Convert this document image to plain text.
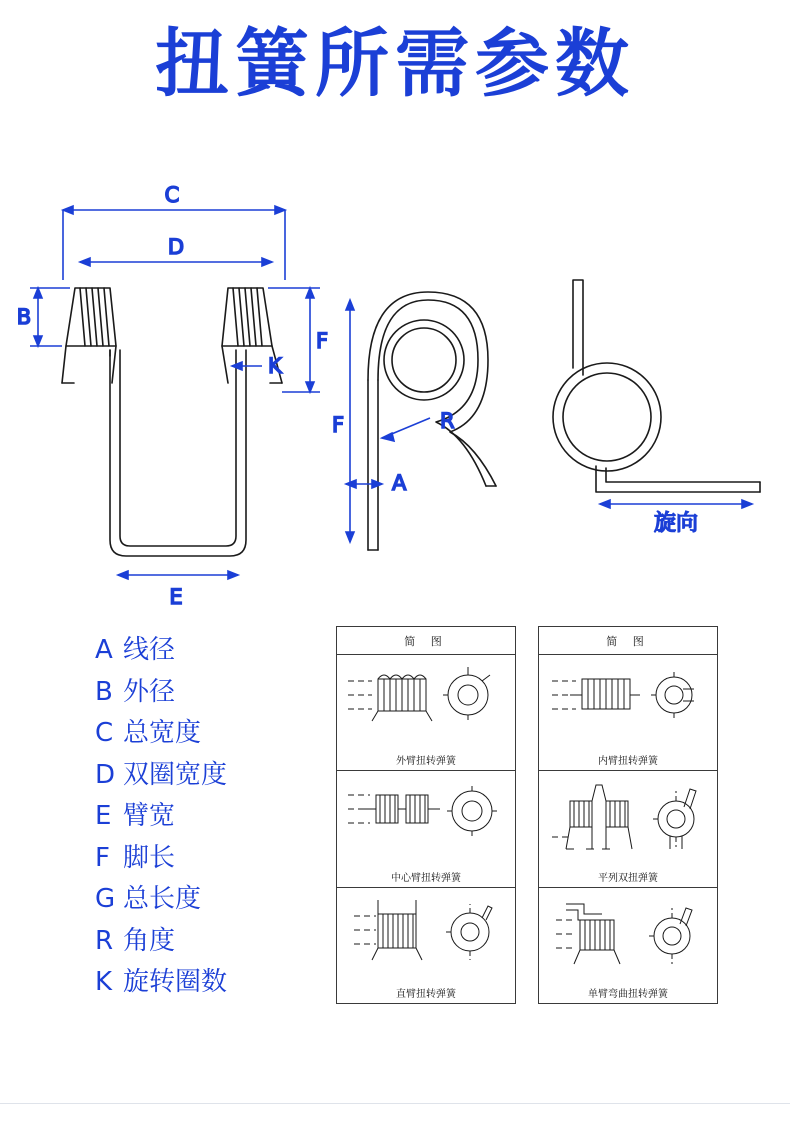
扭簧所需参数
C
D
B
F
K
E
F	R
A
旋向
A 线径
B 外径
C 总宽度
D 双圈宽度
E 臂宽
F 脚长
G 总长度
R 角度
K 旋转圈数
简 图
外臂扭转弹簧
中心臂扭转弹簧
直臂扭转弹簧
简 图
内臂扭转弹簧
平列双扭弹簧
单臂弯曲扭转弹簧
